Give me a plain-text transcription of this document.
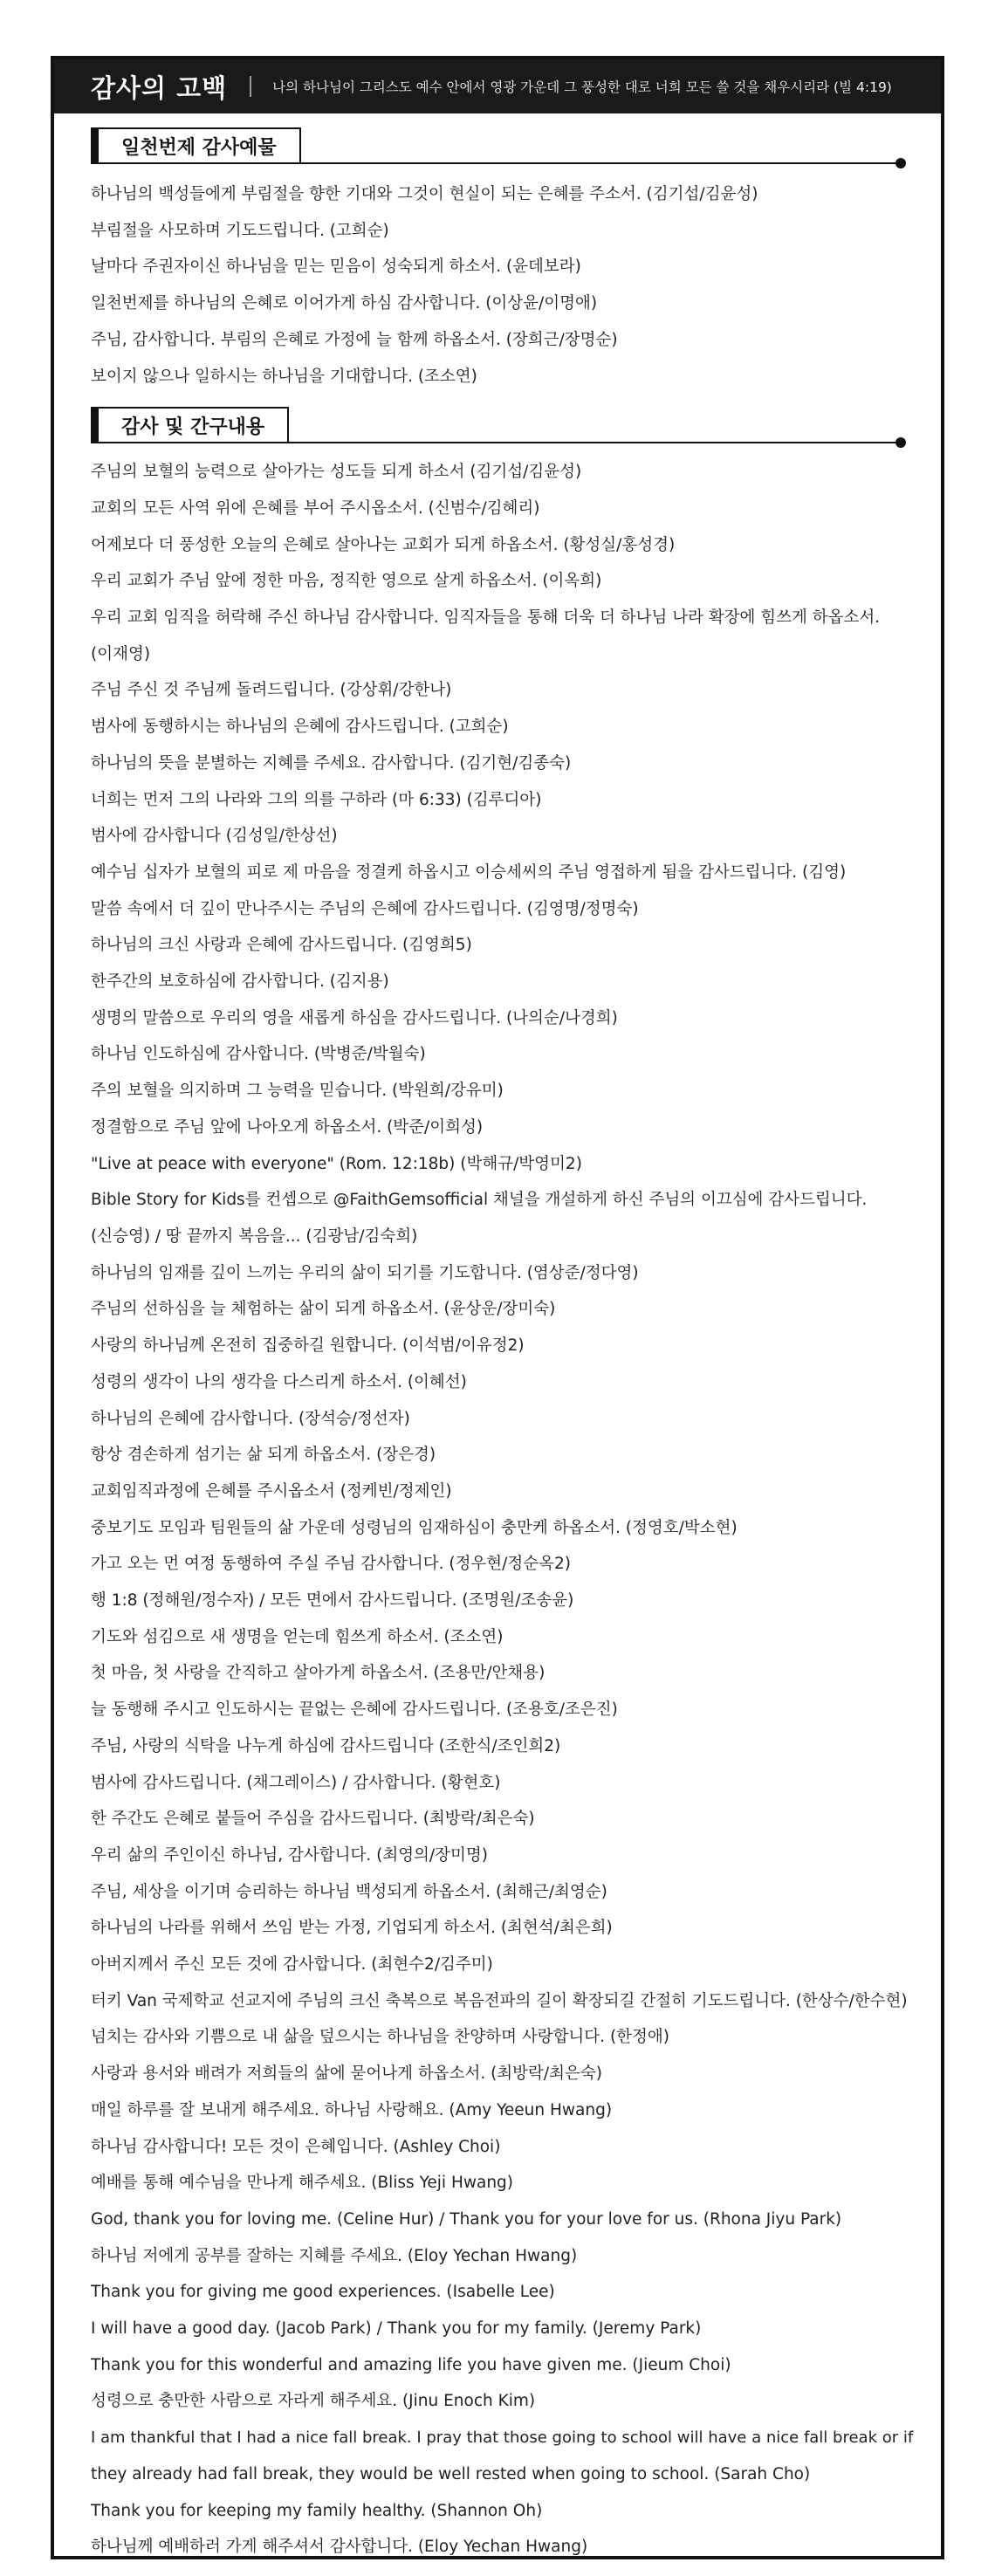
감사의 고백	나의 하나님이 그리스도 예수 안에서 영광 가운데 그 풍성한 대로 너희 모든 쓸 것을 채우시리라 (빌 4:19)
일천번제 감사예물
하나님의 백성들에게 부림절을 향한 기대와 그것이 현실이 되는 은혜를 주소서. (김기섭/김윤성)
부림절을 사모하며 기도드립니다. (고희순)
날마다 주권자이신 하나님을 믿는 믿음이 성숙되게 하소서. (윤데보라)
일천번제를 하나님의 은혜로 이어가게 하심 감사합니다. (이상윤/이명애)
주님, 감사합니다. 부림의 은혜로 가정에 늘 함께 하옵소서. (장희근/장명순)
보이지 않으나 일하시는 하나님을 기대합니다. (조소연)
감사 및 간구내용
주님의 보혈의 능력으로 살아가는 성도들 되게 하소서 (김기섭/김윤성)
교회의 모든 사역 위에 은혜를 부어 주시옵소서. (신범수/김혜리)
어제보다 더 풍성한 오늘의 은혜로 살아나는 교회가 되게 하옵소서. (황성실/홍성경)
우리 교회가 주님 앞에 정한 마음, 정직한 영으로 살게 하옵소서. (이옥희)
우리 교회 임직을 허락해 주신 하나님 감사합니다. 임직자들을 통해 더욱 더 하나님 나라 확장에 힘쓰게 하옵소서.
(이재영)
주님 주신 것 주님께 돌려드립니다. (강상휘/강한나)
범사에 동행하시는 하나님의 은혜에 감사드립니다. (고희순)
하나님의 뜻을 분별하는 지혜를 주세요. 감사합니다. (김기현/김종숙)
너희는 먼저 그의 나라와 그의 의를 구하라 (마 6:33) (김루디아)
범사에 감사합니다 (김성일/한상선)
예수님 십자가 보혈의 피로 제 마음을 정결케 하옵시고 이승세씨의 주님 영접하게 됨을 감사드립니다. (김영)
말씀 속에서 더 깊이 만나주시는 주님의 은혜에 감사드립니다. (김영명/정명숙)
하나님의 크신 사랑과 은혜에 감사드립니다. (김영희5)
한주간의 보호하심에 감사합니다. (김지용)
생명의 말씀으로 우리의 영을 새롭게 하심을 감사드립니다. (나의순/나경희)
하나님 인도하심에 감사합니다. (박병준/박월숙)
주의 보혈을 의지하며 그 능력을 믿습니다. (박원희/강유미)
정결함으로 주님 앞에 나아오게 하옵소서. (박준/이희성)
"Live at peace with everyone" (Rom. 12:18b) (박해규/박영미2)
Bible Story for Kids를 컨셉으로 @FaithGemsofficial 채널을 개설하게 하신 주님의 이끄심에 감사드립니다.
(신승영) / 땅 끝까지 복음을... (김광남/김숙희)
하나님의 임재를 깊이 느끼는 우리의 삶이 되기를 기도합니다. (염상준/정다영)
주님의 선하심을 늘 체험하는 삶이 되게 하옵소서. (윤상운/장미숙)
사랑의 하나님께 온전히 집중하길 원합니다. (이석범/이유정2)
성령의 생각이 나의 생각을 다스리게 하소서. (이혜선)
하나님의 은혜에 감사합니다. (장석승/정선자)
항상 겸손하게 섬기는 삶 되게 하옵소서. (장은경)
교회임직과정에 은혜를 주시옵소서 (정케빈/정제인)
중보기도 모임과 팀원들의 삶 가운데 성령님의 임재하심이 충만케 하옵소서. (정영호/박소현)
가고 오는 먼 여정 동행하여 주실 주님 감사합니다. (정우현/정순옥2)
행 1:8 (정해원/정수자) / 모든 면에서 감사드립니다. (조명원/조송윤)
기도와 섬김으로 새 생명을 얻는데 힘쓰게 하소서. (조소연)
첫 마음, 첫 사랑을 간직하고 살아가게 하옵소서. (조용만/안채용)
늘 동행해 주시고 인도하시는 끝없는 은혜에 감사드립니다. (조용호/조은진)
주님, 사랑의 식탁을 나누게 하심에 감사드립니다 (조한식/조인희2)
범사에 감사드립니다. (채그레이스) / 감사합니다. (황현호)
한 주간도 은혜로 붙들어 주심을 감사드립니다. (최방락/최은숙)
우리 삶의 주인이신 하나님, 감사합니다. (최영의/장미명)
주님, 세상을 이기며 승리하는 하나님 백성되게 하옵소서. (최해근/최영순)
하나님의 나라를 위해서 쓰임 받는 가정, 기업되게 하소서. (최현석/최은희)
아버지께서 주신 모든 것에 감사합니다. (최현수2/김주미)
터키 Van 국제학교 선교지에 주님의 크신 축복으로 복음전파의 길이 확장되길 간절히 기도드립니다. (한상수/한수현)
넘치는 감사와 기쁨으로 내 삶을 덮으시는 하나님을 찬양하며 사랑합니다. (한정애)
사랑과 용서와 배려가 저희들의 삶에 묻어나게 하옵소서. (최방락/최은숙)
매일 하루를 잘 보내게 해주세요. 하나님 사랑해요. (Amy Yeeun Hwang)
하나님 감사합니다! 모든 것이 은혜입니다. (Ashley Choi)
예배를 통해 예수님을 만나게 해주세요. (Bliss Yeji Hwang)
God, thank you for loving me. (Celine Hur) / Thank you for your love for us. (Rhona Jiyu Park)
하나님 저에게 공부를 잘하는 지혜를 주세요. (Eloy Yechan Hwang)
Thank you for giving me good experiences. (Isabelle Lee)
I will have a good day. (Jacob Park) / Thank you for my family. (Jeremy Park)
Thank you for this wonderful and amazing life you have given me. (Jieum Choi)
성령으로 충만한 사람으로 자라게 해주세요. (Jinu Enoch Kim)
I am thankful that I had a nice fall break. I pray that those going to school will have a nice fall break or if
they already had fall break, they would be well rested when going to school. (Sarah Cho)
Thank you for keeping my family healthy. (Shannon Oh)
하나님께 예배하러 가게 해주셔서 감사합니다. (Eloy Yechan Hwang)
